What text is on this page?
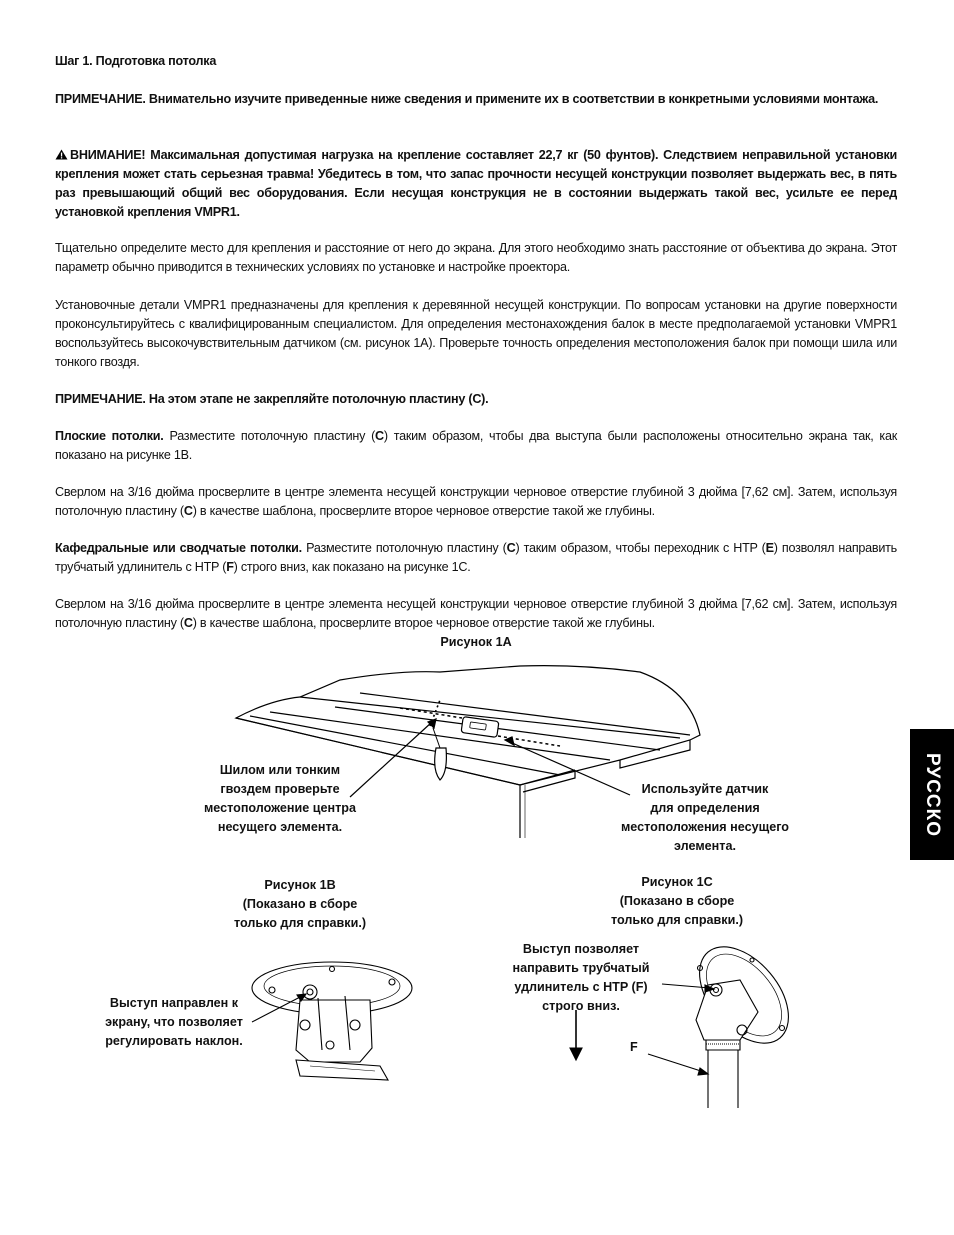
Шаг 1. Подготовка потолка
ПРИМЕЧАНИЕ. Внимательно изучите приведенные ниже сведения и примените их в соответствии в конкретными условиями монтажа.
ВНИМАНИЕ! Максимальная допустимая нагрузка на крепление составляет 22,7 кг (50 фунтов). Следствием неправильной установки крепления может стать серьезная травма! Убедитесь в том, что запас прочности несущей конструкции позволяет выдержать вес, в пять раз превышающий общий вес оборудования. Если несущая конструкция не в состоянии выдержать такой вес, усильте ее перед установкой крепления VMPR1.
Тщательно определите место для крепления и расстояние от него до экрана. Для этого необходимо знать расстояние от объектива до экрана. Этот параметр обычно приводится в технических условиях по установке и настройке проектора.
Установочные детали VMPR1 предназначены для крепления к деревянной несущей конструкции. По вопросам установки на другие поверхности проконсультируйтесь с квалифицированным специалистом. Для определения местонахождения балок в месте предполагаемой установки VMPR1 воспользуйтесь высокочувствительным датчиком (см. рисунок 1A). Проверьте точность определения местоположения балок при помощи шила или тонкого гвоздя.
ПРИМЕЧАНИЕ. На этом этапе не закрепляйте потолочную пластину (C).
Плоские потолки. Разместите потолочную пластину (C) таким образом, чтобы два выступа были расположены относительно экрана так, как показано на рисунке 1B.
Сверлом на 3/16 дюйма просверлите в центре элемента несущей конструкции черновое отверстие глубиной 3 дюйма [7,62 см]. Затем, используя потолочную пластину (C) в качестве шаблона, просверлите второе черновое отверстие такой же глубины.
Кафедральные или сводчатые потолки. Разместите потолочную пластину (C) таким образом, чтобы переходник с HTP (E) позволял направить трубчатый удлинитель с HTP (F) строго вниз, как показано на рисунке 1C.
Сверлом на 3/16 дюйма просверлите в центре элемента несущей конструкции черновое отверстие глубиной 3 дюйма [7,62 см]. Затем, используя потолочную пластину (C) в качестве шаблона, просверлите второе черновое отверстие такой же глубины.
Рисунок 1A
Шилом или тонким
гвоздем проверьте
местоположение центра
несущего элемента.
Используйте датчик
для определения
местоположения несущего
элемента.
Рисунок 1B
(Показано в сборе
только для справки.)
Выступ направлен к
экрану, что позволяет
регулировать наклон.
Рисунок 1C
(Показано в сборе
только для справки.)
Выступ позволяет
направить трубчатый
удлинитель с HTP (F)
строго вниз.
F
РУССКО
